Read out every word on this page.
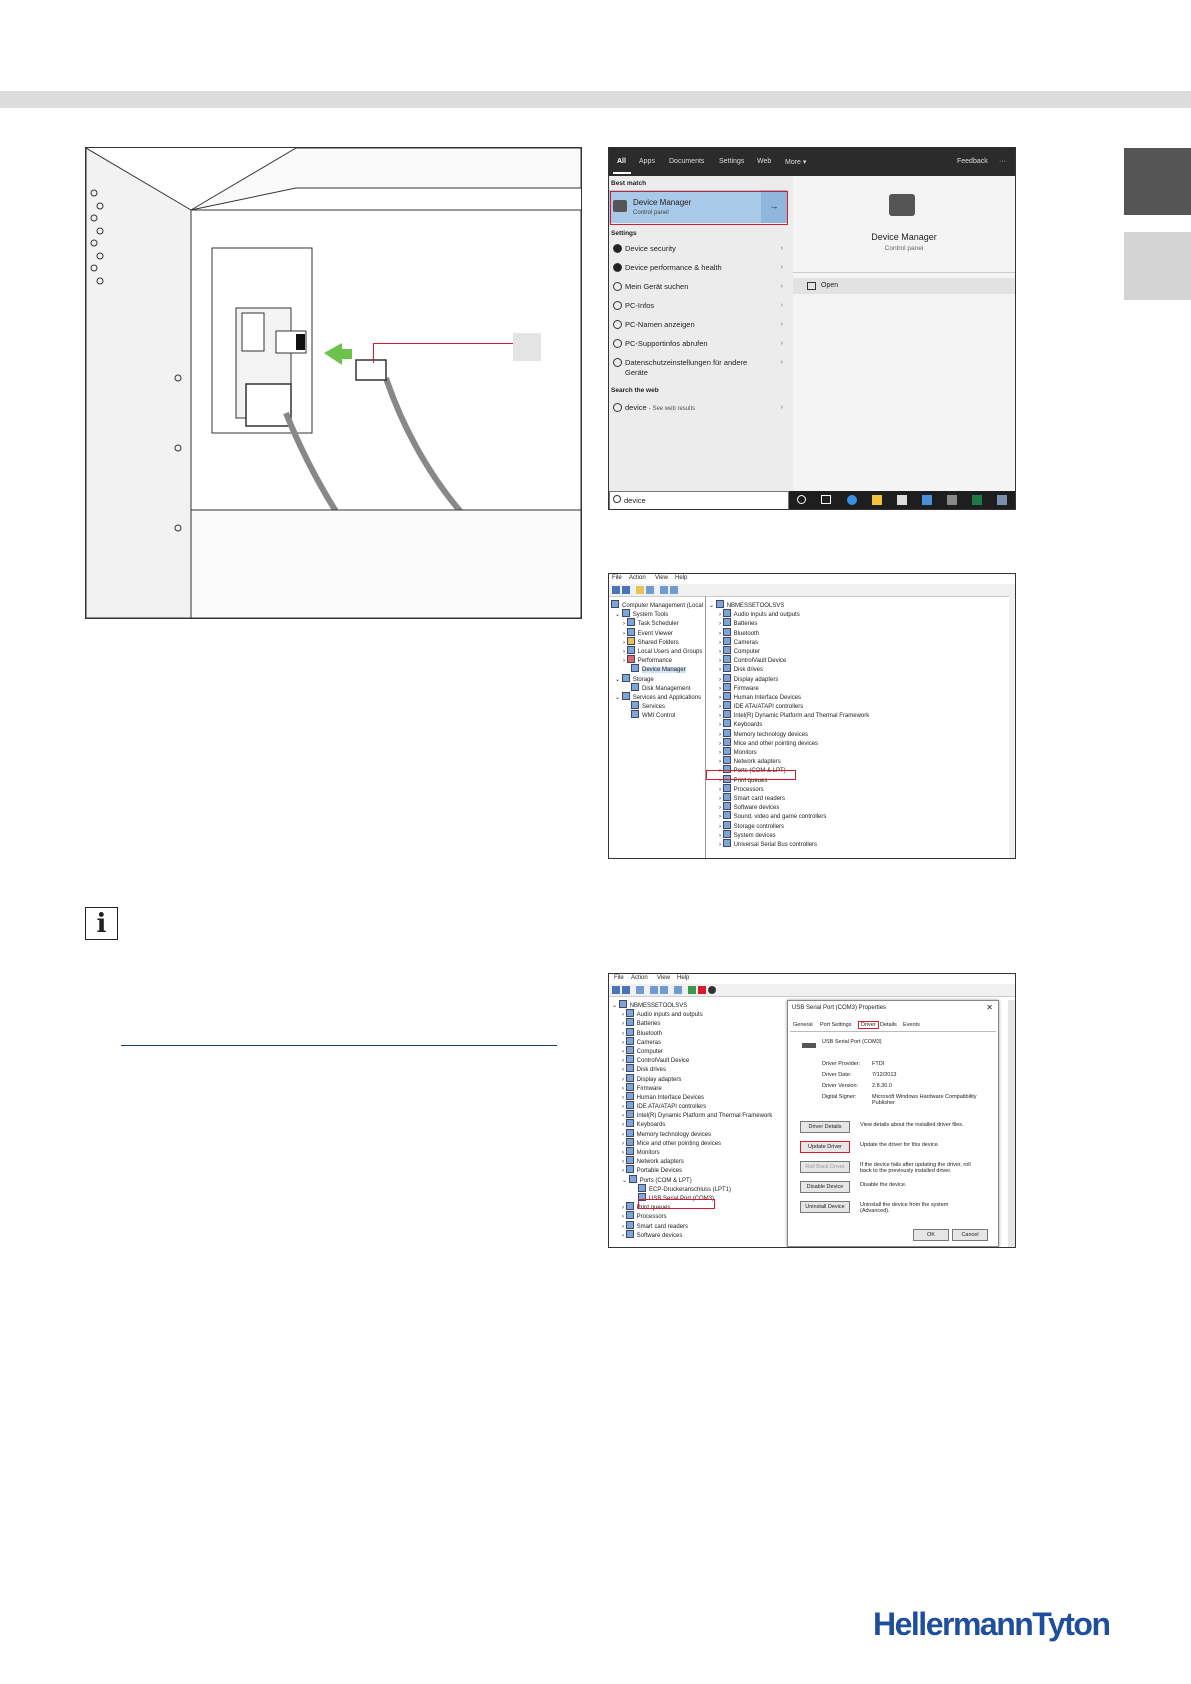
All Apps Documents Settings Web More ▾	Feedback ···
Best match
Device Manager
Control panel
→
Settings
Device security	›
Device performance & health	›
Mein Gerät suchen	›
PC-Infos	›
PC-Namen anzeigen	›
PC-Supportinfos abrufen	›
Datenschutzeinstellungen für andere
Geräte
›
Search the web
device - See web results	›
Device Manager
Control panel
Open
device
File Action View Help
Computer Management (Local
⌄ System Tools
› Task Scheduler
› Event Viewer
› Shared Folders
› Local Users and Groups
› Performance
Device Manager
⌄ Storage
Disk Management
⌄ Services and Applications
Services
WMI Control
⌄ NBMESSETOOLSVS
› Audio inputs and outputs
› Batteries
› Bluetooth
› Cameras
› Computer
› ControlVault Device
› Disk drives
› Display adapters
› Firmware
› Human Interface Devices
› IDE ATA/ATAPI controllers
› Intel(R) Dynamic Platform and Thermal Framework
› Keyboards
› Memory technology devices
› Mice and other pointing devices
› Monitors
› Network adapters
› Ports (COM & LPT)
› Print queues
› Processors
› Smart card readers
› Software devices
› Sound, video and game controllers
› Storage controllers
› System devices
› Universal Serial Bus controllers
File Action View Help
⌄ NBMESSETOOLSVS
› Audio inputs and outputs
› Batteries
› Bluetooth
› Cameras
› Computer
› ControlVault Device
› Disk drives
› Display adapters
› Firmware
› Human Interface Devices
› IDE ATA/ATAPI controllers
› Intel(R) Dynamic Platform and Thermal Framework
› Keyboards
› Memory technology devices
› Mice and other pointing devices
› Monitors
› Network adapters
› Portable Devices
⌄ Ports (COM & LPT)
ECP-Druckeranschluss (LPT1)
USB Serial Port (COM3)
› Print queues
› Processors
› Smart card readers
› Software devices
USB Serial Port (COM3) Properties	✕
General Port Settings	Driver Details Events
USB Serial Port (COM3)
Driver Provider: FTDI
Driver Date:	7/12/2013
Driver Version:	2.8.30.0
Digital Signer:	Microsoft Windows Hardware Compatibility Publisher
Driver Details	View details about the installed driver files.
Update Driver	Update the driver for this device.
Roll Back Driver	If the device fails after updating the driver, roll back to the previously installed driver.
Disable Device	Disable the device.
Uninstall Device	Uninstall the device from the system (Advanced).
OK	Cancel
i
HellermannTyton
